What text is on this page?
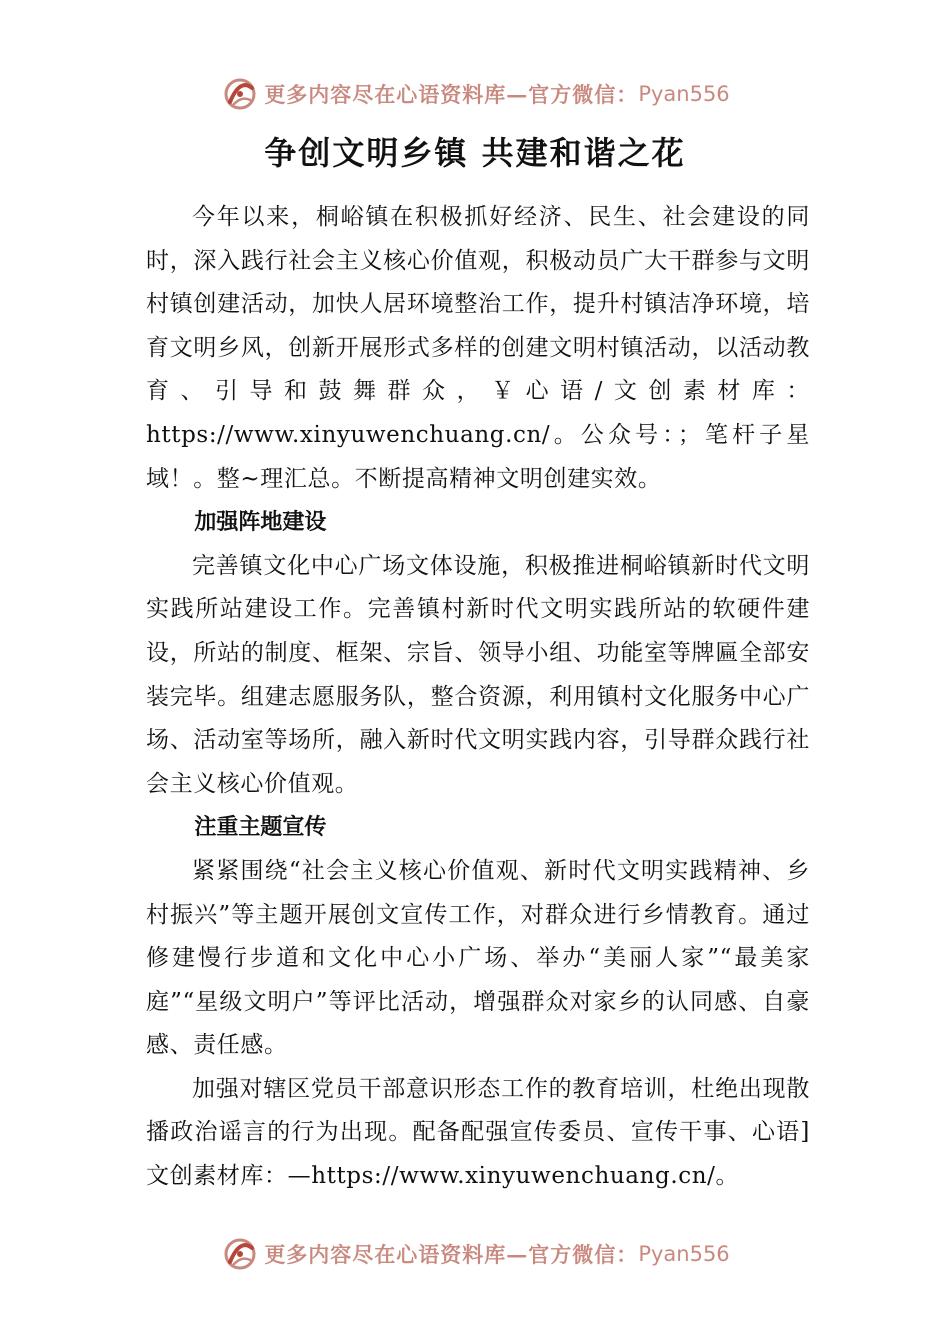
更多内容尽在心语资料库—官方微信： Pyan556
争创文明乡镇 共建和谐之花

今年以来，桐峪镇在积极抓好经济、民生、社会建设的同时，深入践行社会主义核心价值观，积极动员广大干群参与文明村镇创建活动，加快人居环境整治工作，提升村镇洁净环境，培育文明乡风，创新开展形式多样的创建文明村镇活动，以活动教育、引导和鼓舞群众，￥心语/文创素材库：https://www.xinyuwenchuang.cn/。公众号：；笔杆子星域！。整~理汇总。不断提高精神文明创建实效。

加强阵地建设

完善镇文化中心广场文体设施，积极推进桐峪镇新时代文明实践所站建设工作。完善镇村新时代文明实践所站的软硬件建设，所站的制度、框架、宗旨、领导小组、功能室等牌匾全部安装完毕。组建志愿服务队，整合资源，利用镇村文化服务中心广场、活动室等场所，融入新时代文明实践内容，引导群众践行社会主义核心价值观。

注重主题宣传

紧紧围绕“社会主义核心价值观、新时代文明实践精神、乡村振兴”等主题开展创文宣传工作，对群众进行乡情教育。通过修建慢行步道和文化中心小广场、举办“美丽人家”“最美家庭”“星级文明户”等评比活动，增强群众对家乡的认同感、自豪感、责任感。

加强对辖区党员干部意识形态工作的教育培训，杜绝出现散播政治谣言的行为出现。配备配强宣传委员、宣传干事、心语]文创素材库：—https://www.xinyuwenchuang.cn/。

更多内容尽在心语资料库—官方微信： Pyan556
